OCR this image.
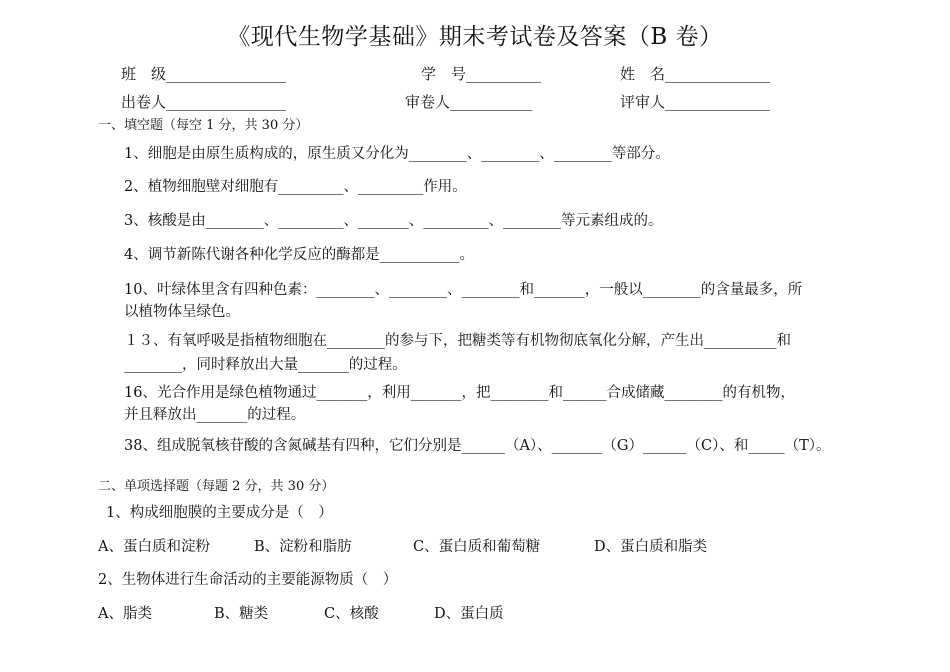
《现代生物学基础》期末考试卷及答案（B 卷）
班　级________________	学　号__________	姓　名______________
出卷人________________	审卷人___________	评审人______________
一、填空题（每空 1 分，共 30 分）
1、细胞是由原生质构成的，原生质又分化为________、________、________等部分。
2、植物细胞壁对细胞有_________、_________作用。
3、核酸是由________、_________、_______、_________、________等元素组成的。
4、调节新陈代谢各种化学反应的酶都是___________。
10、叶绿体里含有四种色素：________、________、________和_______，一般以________的含量最多，所
以植物体呈绿色。
１３、有氧呼吸是指植物细胞在________的参与下，把糖类等有机物彻底氧化分解，产生出__________和
________，同时释放出大量_______的过程。
16、光合作用是绿色植物通过_______，利用_______，把________和______合成储藏________的有机物，
并且释放出_______的过程。
38、组成脱氧核苷酸的含氮碱基有四种，它们分别是______（A）、_______（G）______（C）、和_____（T）。
二、单项选择题（每题 2 分，共 30 分）
1、构成细胞膜的主要成分是（　）
A、蛋白质和淀粉	B、淀粉和脂肪	C、蛋白质和葡萄糖	D、蛋白质和脂类
2、生物体进行生命活动的主要能源物质（　）
A、脂类	B、糖类	C、核酸	D、蛋白质
